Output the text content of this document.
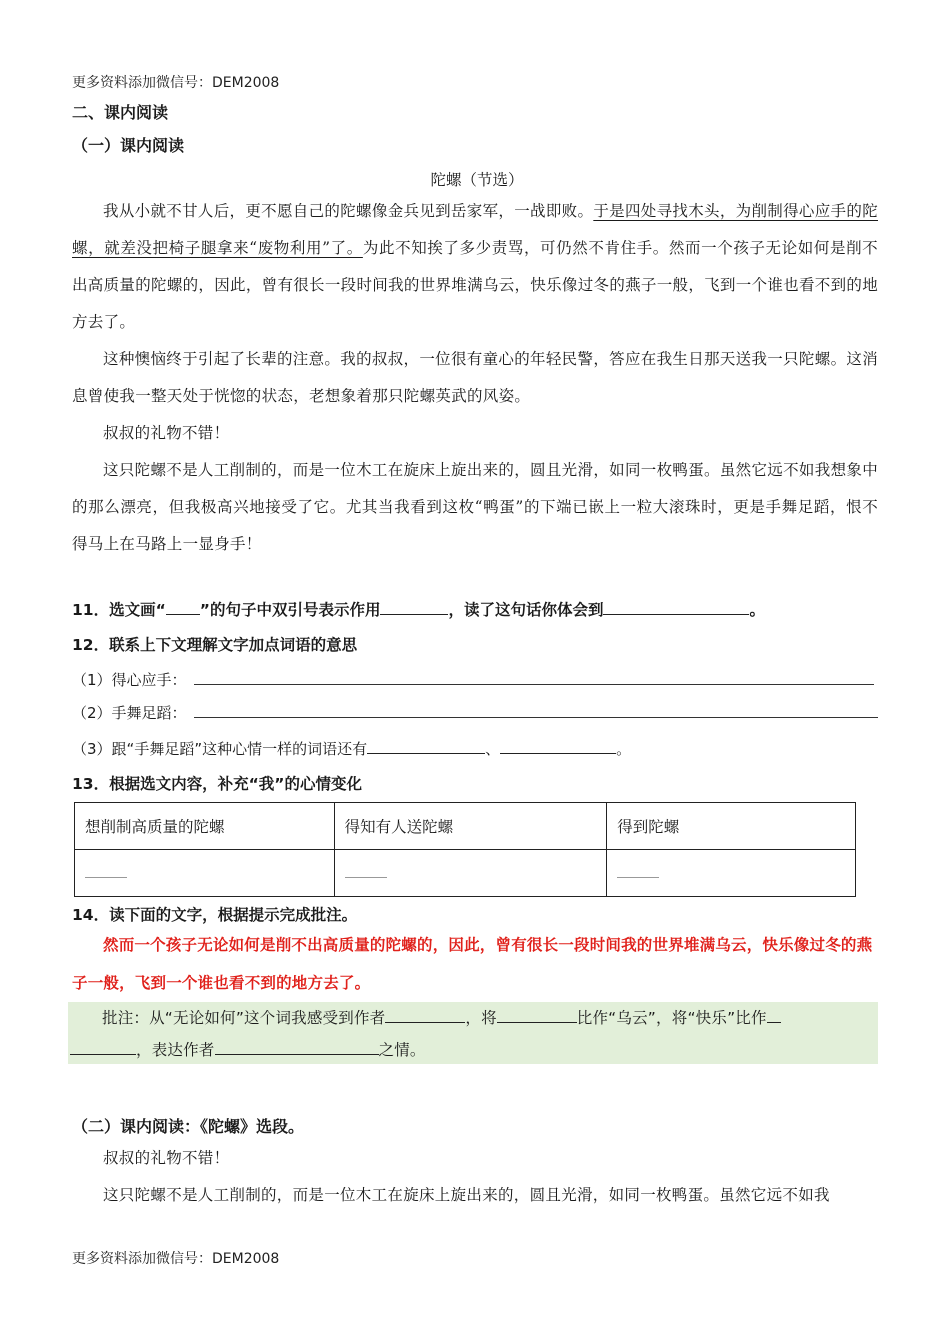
更多资料添加微信号：DEM2008
二、课内阅读
（一）课内阅读
陀螺（节选）

我从小就不甘人后，更不愿自己的陀螺像金兵见到岳家军，一战即败。于是四处寻找木头，为削制得心应手的陀螺，就差没把椅子腿拿来“废物利用”了。为此不知挨了多少责骂，可仍然不肯住手。然而一个孩子无论如何是削不出高质量的陀螺的，因此，曾有很长一段时间我的世界堆满乌云，快乐像过冬的燕子一般，飞到一个谁也看不到的地方去了。

这种懊恼终于引起了长辈的注意。我的叔叔，一位很有童心的年轻民警，答应在我生日那天送我一只陀螺。这消息曾使我一整天处于恍惚的状态，老想象着那只陀螺英武的风姿。

叔叔的礼物不错！

这只陀螺不是人工削制的，而是一位木工在旋床上旋出来的，圆且光滑，如同一枚鸭蛋。虽然它远不如我想象中的那么漂亮，但我极高兴地接受了它。尤其当我看到这枚“鸭蛋”的下端已嵌上一粒大滚珠时，更是手舞足蹈，恨不得马上在马路上一显身手！

11．选文画“ ”的句子中双引号表示作用	，读了这句话你体会到	。
12．联系上下文理解文字加点词语的意思
（1）得心应手：
（2）手舞足蹈：
（3）跟“手舞足蹈”这种心情一样的词语还有	、	。
13．根据选文内容，补充“我”的心情变化
想削制高质量的陀螺	得知有人送陀螺	得到陀螺

14．读下面的文字，根据提示完成批注。

然而一个孩子无论如何是削不出高质量的陀螺的，因此，曾有很长一段时间我的世界堆满乌云，快乐像过冬的燕子一般，飞到一个谁也看不到的地方去了。

批注：从“无论如何”这个词我感受到作者	，将	比作“乌云”，将“快乐”比作

，表达作者	之情。

（二）课内阅读：《陀螺》选段。

叔叔的礼物不错！

这只陀螺不是人工削制的，而是一位木工在旋床上旋出来的，圆且光滑，如同一枚鸭蛋。虽然它远不如我

更多资料添加微信号：DEM2008
